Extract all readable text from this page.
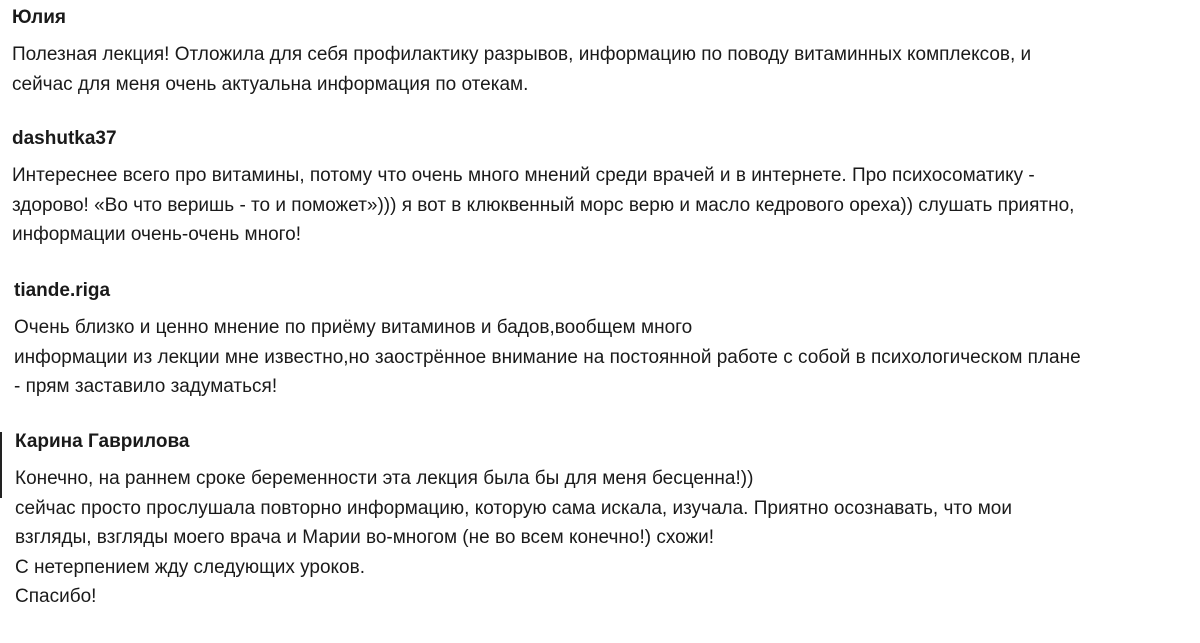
Юлия
Полезная лекция! Отложила для себя профилактику разрывов, информацию по поводу витаминных комплексов, и
сейчас для меня очень актуальна информация по отекам.
dashutka37
Интереснее всего про витамины, потому что очень много мнений среди врачей и в интернете. Про психосоматику -
здорово! «Во что веришь - то и поможет»))) я вот в клюквенный морс верю и масло кедрового ореха)) слушать приятно,
информации очень-очень много!
tiande.riga
Очень близко и ценно мнение по приёму витаминов и бадов,вообщем много
информации из лекции мне известно,но заострённое внимание на постоянной работе с собой в психологическом плане
- прям заставило задуматься!
Карина Гаврилова
Конечно, на раннем сроке беременности эта лекция была бы для меня бесценна!))
сейчас просто прослушала повторно информацию, которую сама искала, изучала. Приятно осознавать, что мои
взгляды, взгляды моего врача и Марии во-многом (не во всем конечно!) схожи!
С нетерпением жду следующих уроков.
Спасибо!
